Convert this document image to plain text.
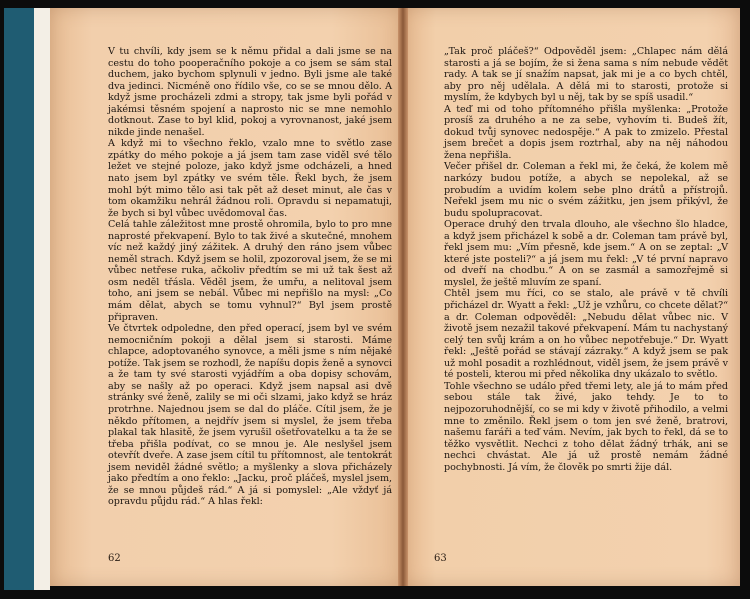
V tu chvíli, kdy jsem se k němu přidal a dali jsme se na cestu do toho pooperačního pokoje a co jsem se sám stal duchem, jako bychom splynuli v jedno. Byli jsme ale také dva jedinci. Nicméně ono řídilo vše, co se se mnou dělo. A když jsme procházeli zdmi a stropy, tak jsme byli pořád v jakémsi těsném spojení a naprosto nic se mne nemohlo dotknout. Zase to byl klid, pokoj a vyrovnanost, jaké jsem nikde jinde nenašel.

A když mi to všechno řeklo, vzalo mne to světlo zase zpátky do mého pokoje a já jsem tam zase viděl své tělo ležet ve stejné poloze, jako když jsme odcházeli, a hned nato jsem byl zpátky ve svém těle. Řekl bych, že jsem mohl být mimo tělo asi tak pět až deset minut, ale čas v tom okamžiku nehrál žádnou roli. Opravdu si nepamatuji, že bych si byl vůbec uvědomoval čas.

Celá tahle záležitost mne prostě ohromila, bylo to pro mne naprosté překvapení. Bylo to tak živé a skutečné, mnohem víc než každý jiný zážitek. A druhý den ráno jsem vůbec neměl strach. Když jsem se holil, zpozoroval jsem, že se mi vůbec netřese ruka, ačkoliv předtím se mi už tak šest až osm neděl třásla. Věděl jsem, že umřu, a nelitoval jsem toho, ani jsem se nebál. Vůbec mi nepřišlo na mysl: „Co mám dělat, abych se tomu vyhnul?“ Byl jsem prostě připraven.

Ve čtvrtek odpoledne, den před operací, jsem byl ve svém nemocničním pokoji a dělal jsem si starosti. Máme chlapce, adoptovaného synovce, a měli jsme s ním nějaké potíže. Tak jsem se rozhodl, že napíšu dopis ženě a synovci a že tam ty své starosti vyjádřím a oba dopisy schovám, aby se našly až po operaci. Když jsem napsal asi dvě stránky své ženě, zalily se mi oči slzami, jako když se hráz protrhne. Najednou jsem se dal do pláče. Cítil jsem, že je někdo přítomen, a nejdřív jsem si myslel, že jsem třeba plakal tak hlasitě, že jsem vyrušil ošetřovatelku a ta že se třeba přišla podívat, co se mnou je. Ale neslyšel jsem otevřít dveře. A zase jsem cítil tu přítomnost, ale tentokrát jsem neviděl žádné světlo; a myšlenky a slova přicházely jako předtím a ono řeklo: „Jacku, proč pláčeš, myslel jsem, že se mnou půjdeš rád.“ A já si pomyslel: „Ale vždyť já opravdu půjdu rád.“ A hlas řekl:

62

„Tak proč pláčeš?“ Odpověděl jsem: „Chlapec nám dělá starosti a já se bojím, že si žena sama s ním nebude vědět rady. A tak se jí snažím napsat, jak mi je a co bych chtěl, aby pro něj udělala. A dělá mi to starosti, protože si myslím, že kdybych byl u něj, tak by se spíš usadil.“

A teď mi od toho přítomného přišla myšlenka: „Protože prosíš za druhého a ne za sebe, vyhovím ti. Budeš žít, dokud tvůj synovec nedospěje.“ A pak to zmizelo. Přestal jsem brečet a dopis jsem roztrhal, aby na něj náhodou žena nepřišla.

Večer přišel dr. Coleman a řekl mi, že čeká, že kolem mě narkózy budou potíže, a abych se nepolekal, až se probudím a uvidím kolem sebe plno drátů a přístrojů. Neřekl jsem mu nic o svém zážitku, jen jsem přikývl, že budu spolupracovat.

Operace druhý den trvala dlouho, ale všechno šlo hladce, a když jsem přicházel k sobě a dr. Coleman tam právě byl, řekl jsem mu: „Vím přesně, kde jsem.“ A on se zeptal: „V které jste posteli?“ a já jsem mu řekl: „V té první napravo od dveří na chodbu.“ A on se zasmál a samozřejmě si myslel, že ještě mluvím ze spaní.

Chtěl jsem mu říci, co se stalo, ale právě v tě chvíli přicházel dr. Wyatt a řekl: „Už je vzhůru, co chcete dělat?“ a dr. Coleman odpověděl: „Nebudu dělat vůbec nic. V životě jsem nezažil takové překvapení. Mám tu nachystaný celý ten svůj krám a on ho vůbec nepotřebuje.“ Dr. Wyatt řekl: „Ještě pořád se stávají zázraky.“ A když jsem se pak už mohl posadit a rozhlédnout, viděl jsem, že jsem právě v té posteli, kterou mi před několika dny ukázalo to světlo.

Tohle všechno se událo před třemi lety, ale já to mám před sebou stále tak živé, jako tehdy. Je to to nejpozoruhodnější, co se mi kdy v životě přihodilo, a velmi mne to změnilo. Řekl jsem o tom jen své ženě, bratrovi, našemu faráři a teď vám. Nevím, jak bych to řekl, dá se to těžko vysvětlit. Nechci z toho dělat žádný trhák, ani se nechci chvástat. Ale já už prostě nemám žádné pochybnosti. Já vím, že člověk po smrti žije dál.

63
